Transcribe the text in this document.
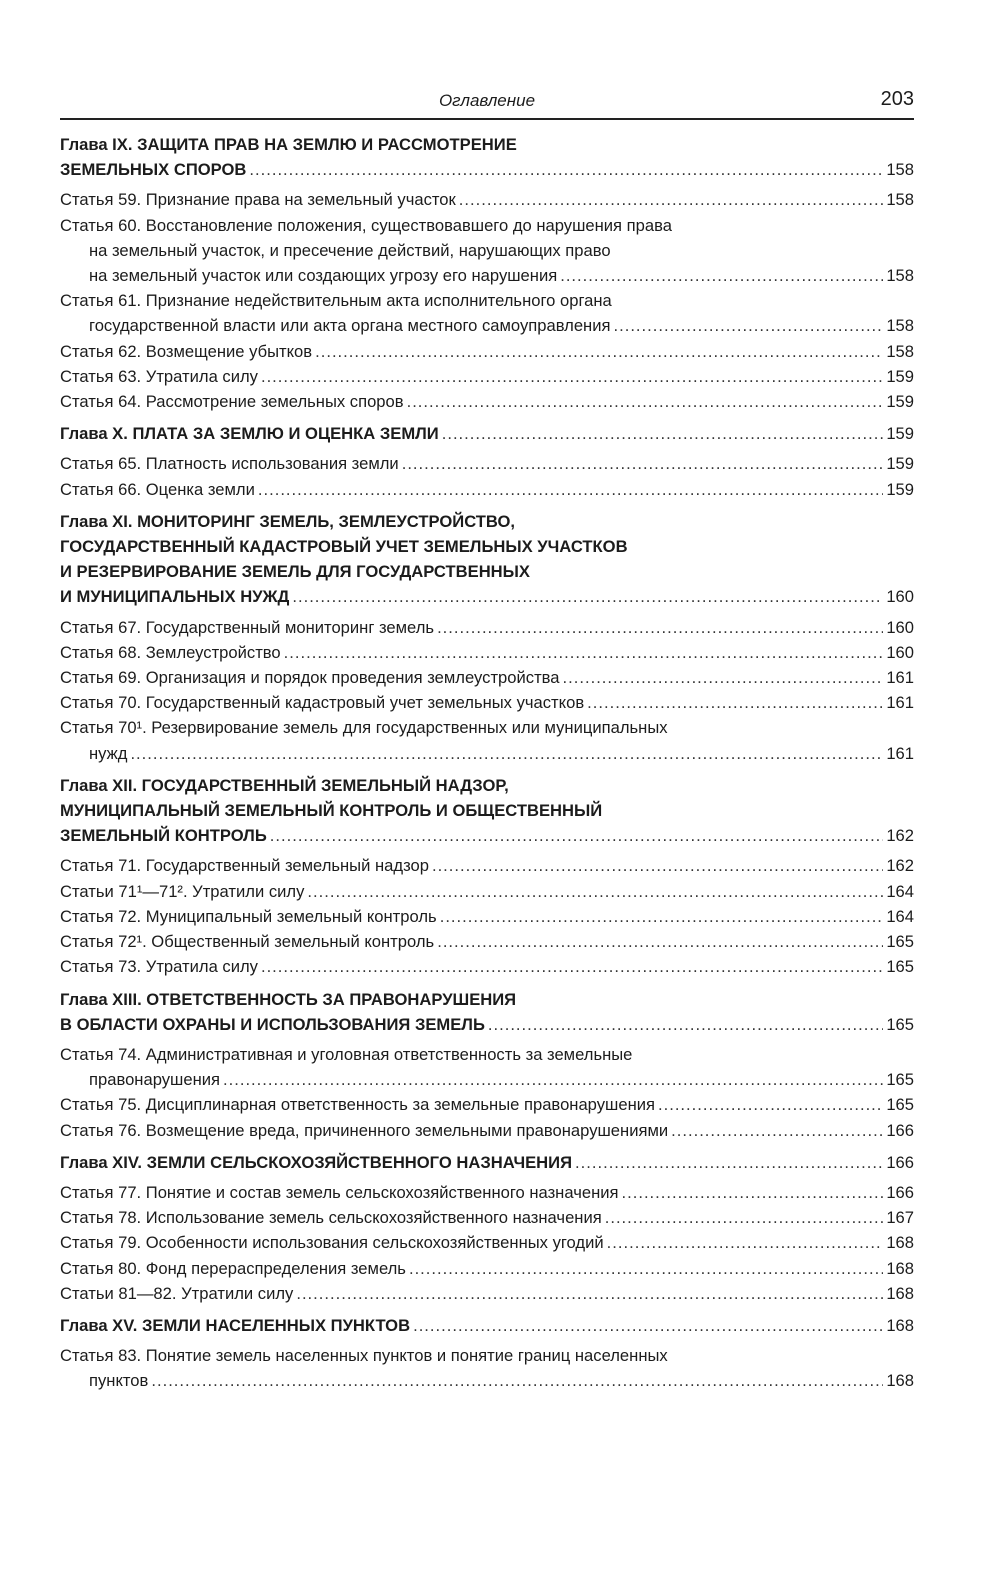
Оглавление	203
Глава IX. ЗАЩИТА ПРАВ НА ЗЕМЛЮ И РАССМОТРЕНИЕ
ЗЕМЕЛЬНЫХ СПОРОВ .....	158
Статья 59. Признание права на земельный участок .....	158
Статья 60. Восстановление положения, существовавшего до нарушения права
на земельный участок, и пресечение действий, нарушающих право
на земельный участок или создающих угрозу его нарушения .....	158
Статья 61. Признание недействительным акта исполнительного органа
государственной власти или акта органа местного самоуправления .....	158
Статья 62. Возмещение убытков .....	158
Статья 63. Утратила силу .....	159
Статья 64. Рассмотрение земельных споров .....	159
Глава X. ПЛАТА ЗА ЗЕМЛЮ И ОЦЕНКА ЗЕМЛИ .....	159
Статья 65. Платность использования земли .....	159
Статья 66. Оценка земли .....	159
Глава XI. МОНИТОРИНГ ЗЕМЕЛЬ, ЗЕМЛЕУСТРОЙСТВО,
ГОСУДАРСТВЕННЫЙ КАДАСТРОВЫЙ УЧЕТ ЗЕМЕЛЬНЫХ УЧАСТКОВ
И РЕЗЕРВИРОВАНИЕ ЗЕМЕЛЬ ДЛЯ ГОСУДАРСТВЕННЫХ
И МУНИЦИПАЛЬНЫХ НУЖД .....	160
Статья 67. Государственный мониторинг земель .....	160
Статья 68. Землеустройство .....	160
Статья 69. Организация и порядок проведения землеустройства .....	161
Статья 70. Государственный кадастровый учет земельных участков .....	161
Статья 70¹. Резервирование земель для государственных или муниципальных
нужд .....	161
Глава XII. ГОСУДАРСТВЕННЫЙ ЗЕМЕЛЬНЫЙ НАДЗОР,
МУНИЦИПАЛЬНЫЙ ЗЕМЕЛЬНЫЙ КОНТРОЛЬ И ОБЩЕСТВЕННЫЙ
ЗЕМЕЛЬНЫЙ КОНТРОЛЬ .....	162
Статья 71. Государственный земельный надзор .....	162
Статьи 71¹—71². Утратили силу .....	164
Статья 72. Муниципальный земельный контроль .....	164
Статья 72¹. Общественный земельный контроль .....	165
Статья 73. Утратила силу .....	165
Глава XIII. ОТВЕТСТВЕННОСТЬ ЗА ПРАВОНАРУШЕНИЯ
В ОБЛАСТИ ОХРАНЫ И ИСПОЛЬЗОВАНИЯ ЗЕМЕЛЬ .....	165
Статья 74. Административная и уголовная ответственность за земельные
правонарушения .....	165
Статья 75. Дисциплинарная ответственность за земельные правонарушения .....	165
Статья 76. Возмещение вреда, причиненного земельными правонарушениями .....	166
Глава XIV. ЗЕМЛИ СЕЛЬСКОХОЗЯЙСТВЕННОГО НАЗНАЧЕНИЯ .....	166
Статья 77. Понятие и состав земель сельскохозяйственного назначения .....	166
Статья 78. Использование земель сельскохозяйственного назначения .....	167
Статья 79. Особенности использования сельскохозяйственных угодий .....	168
Статья 80. Фонд перераспределения земель .....	168
Статьи 81—82. Утратили силу .....	168
Глава XV. ЗЕМЛИ НАСЕЛЕННЫХ ПУНКТОВ .....	168
Статья 83. Понятие земель населенных пунктов и понятие границ населенных
пунктов .....	168
